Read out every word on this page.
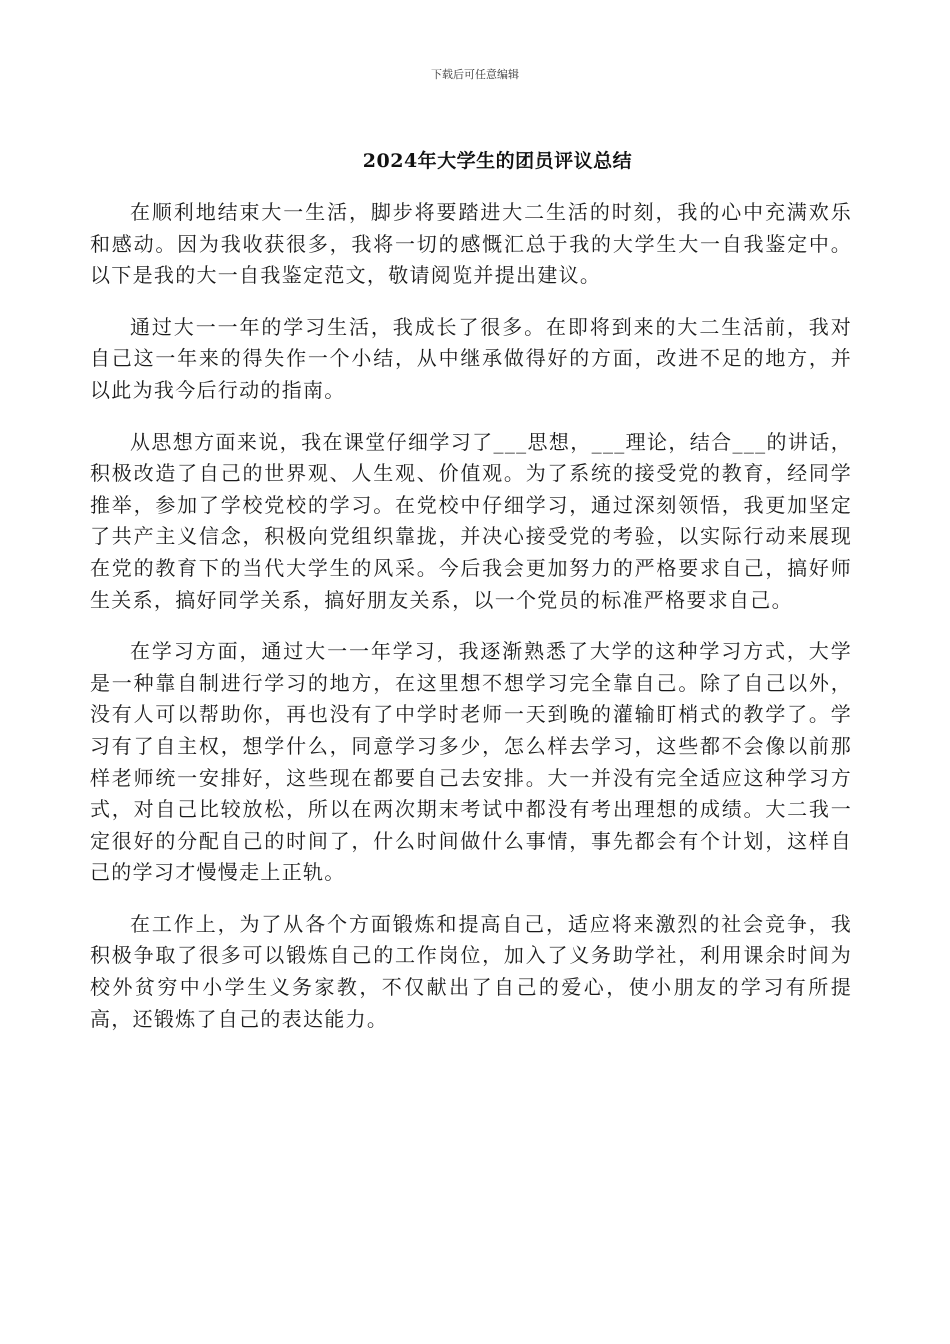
下载后可任意编辑
2024年大学生的团员评议总结

在顺利地结束大一生活，脚步将要踏进大二生活的时刻，我的心中充满欢乐和感动。因为我收获很多，我将一切的感慨汇总于我的大学生大一自我鉴定中。以下是我的大一自我鉴定范文，敬请阅览并提出建议。

通过大一一年的学习生活，我成长了很多。在即将到来的大二生活前，我对自己这一年来的得失作一个小结，从中继承做得好的方面，改进不足的地方，并以此为我今后行动的指南。

从思想方面来说，我在课堂仔细学习了___思想，___理论，结合___的讲话，积极改造了自己的世界观、人生观、价值观。为了系统的接受党的教育，经同学推举，参加了学校党校的学习。在党校中仔细学习，通过深刻领悟，我更加坚定了共产主义信念，积极向党组织靠拢，并决心接受党的考验，以实际行动来展现在党的教育下的当代大学生的风采。今后我会更加努力的严格要求自己，搞好师生关系，搞好同学关系，搞好朋友关系，以一个党员的标准严格要求自己。

在学习方面，通过大一一年学习，我逐渐熟悉了大学的这种学习方式，大学是一种靠自制进行学习的地方，在这里想不想学习完全靠自己。除了自己以外，没有人可以帮助你，再也没有了中学时老师一天到晚的灌输盯梢式的教学了。学习有了自主权，想学什么，同意学习多少，怎么样去学习，这些都不会像以前那样老师统一安排好，这些现在都要自己去安排。大一并没有完全适应这种学习方式，对自己比较放松，所以在两次期末考试中都没有考出理想的成绩。大二我一定很好的分配自己的时间了，什么时间做什么事情，事先都会有个计划，这样自己的学习才慢慢走上正轨。

在工作上，为了从各个方面锻炼和提高自己，适应将来激烈的社会竞争，我积极争取了很多可以锻炼自己的工作岗位，加入了义务助学社，利用课余时间为校外贫穷中小学生义务家教，不仅献出了自己的爱心，使小朋友的学习有所提高，还锻炼了自己的表达能力。
